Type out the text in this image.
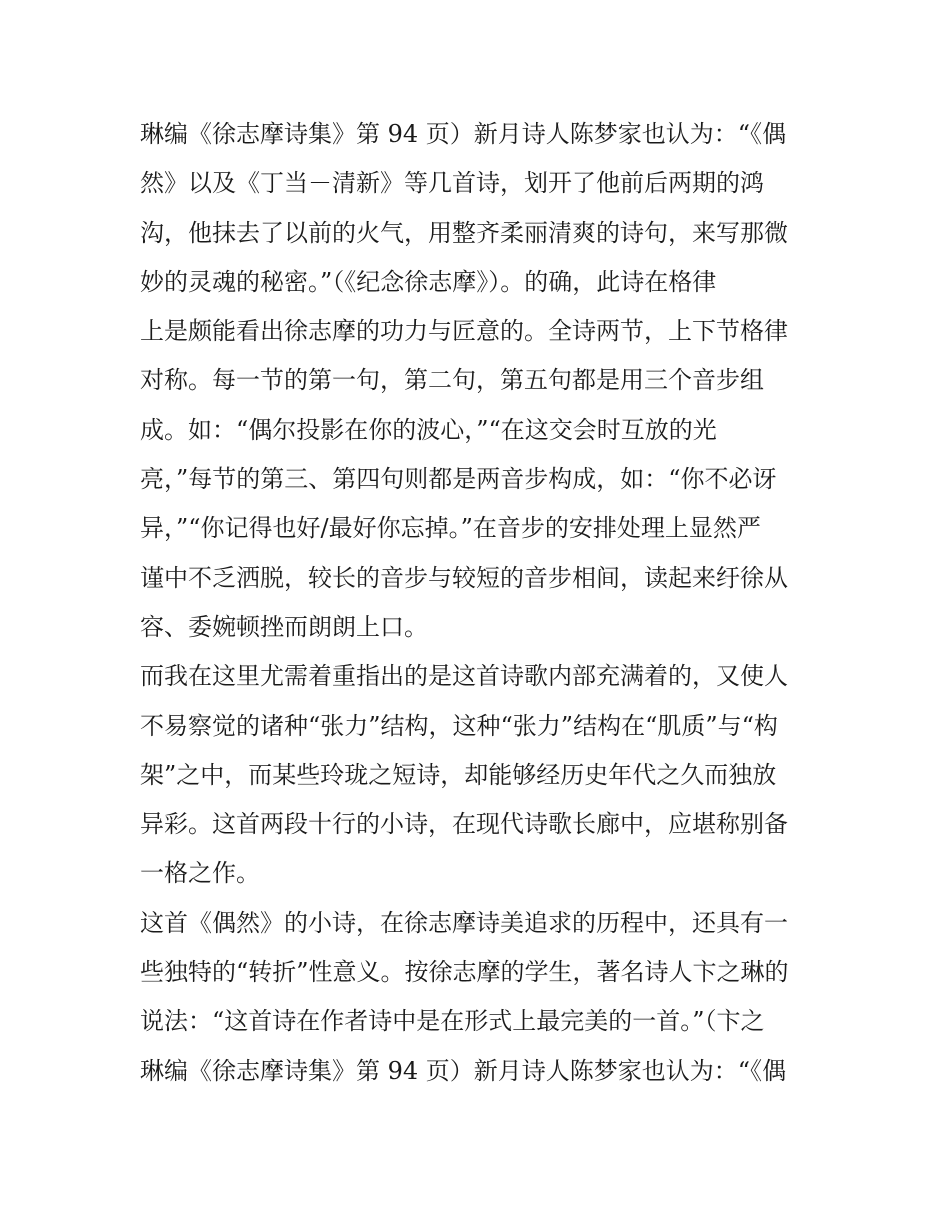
琳编《徐志摩诗集》第 94 页）新月诗人陈梦家也认为：“《偶
然》以及《丁当－清新》等几首诗，划开了他前后两期的鸿
沟，他抹去了以前的火气，用整齐柔丽清爽的诗句，来写那微
妙的灵魂的秘密。”（《纪念徐志摩》）。的确，此诗在格律
上是颇能看出徐志摩的功力与匠意的。全诗两节，上下节格律
对称。每一节的第一句，第二句，第五句都是用三个音步组
成。如：“偶尔投影在你的波心，”“在这交会时互放的光
亮，”每节的第三、第四句则都是两音步构成，如：“你不必讶
异，”“你记得也好/最好你忘掉。”在音步的安排处理上显然严
谨中不乏洒脱，较长的音步与较短的音步相间，读起来纡徐从
容、委婉顿挫而朗朗上口。
而我在这里尤需着重指出的是这首诗歌内部充满着的，又使人
不易察觉的诸种“张力”结构，这种“张力”结构在“肌质”与“构
架”之中，而某些玲珑之短诗，却能够经历史年代之久而独放
异彩。这首两段十行的小诗，在现代诗歌长廊中，应堪称别备
一格之作。
这首《偶然》的小诗，在徐志摩诗美追求的历程中，还具有一
些独特的“转折”性意义。按徐志摩的学生，著名诗人卞之琳的
说法：“这首诗在作者诗中是在形式上最完美的一首。”（卞之
琳编《徐志摩诗集》第 94 页）新月诗人陈梦家也认为：“《偶
